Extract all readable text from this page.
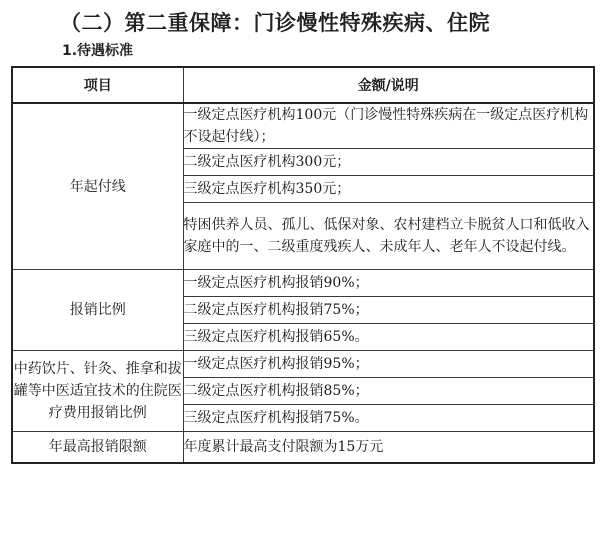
（二）第二重保障：门诊慢性特殊疾病、住院
1.待遇标准
项目	金额/说明
年起付线	一级定点医疗机构100元（门诊慢性特殊疾病在一级定点医疗机构不设起付线）；
	二级定点医疗机构300元；
	三级定点医疗机构350元；
	特困供养人员、孤儿、低保对象、农村建档立卡脱贫人口和低收入家庭中的一、二级重度残疾人、未成年人、老年人不设起付线。
报销比例	一级定点医疗机构报销90%；
	二级定点医疗机构报销75%；
	三级定点医疗机构报销65%。
中药饮片、针灸、推拿和拔罐等中医适宜技术的住院医疗费用报销比例	一级定点医疗机构报销95%；
	二级定点医疗机构报销85%；
	三级定点医疗机构报销75%。
年最高报销限额	年度累计最高支付限额为15万元
